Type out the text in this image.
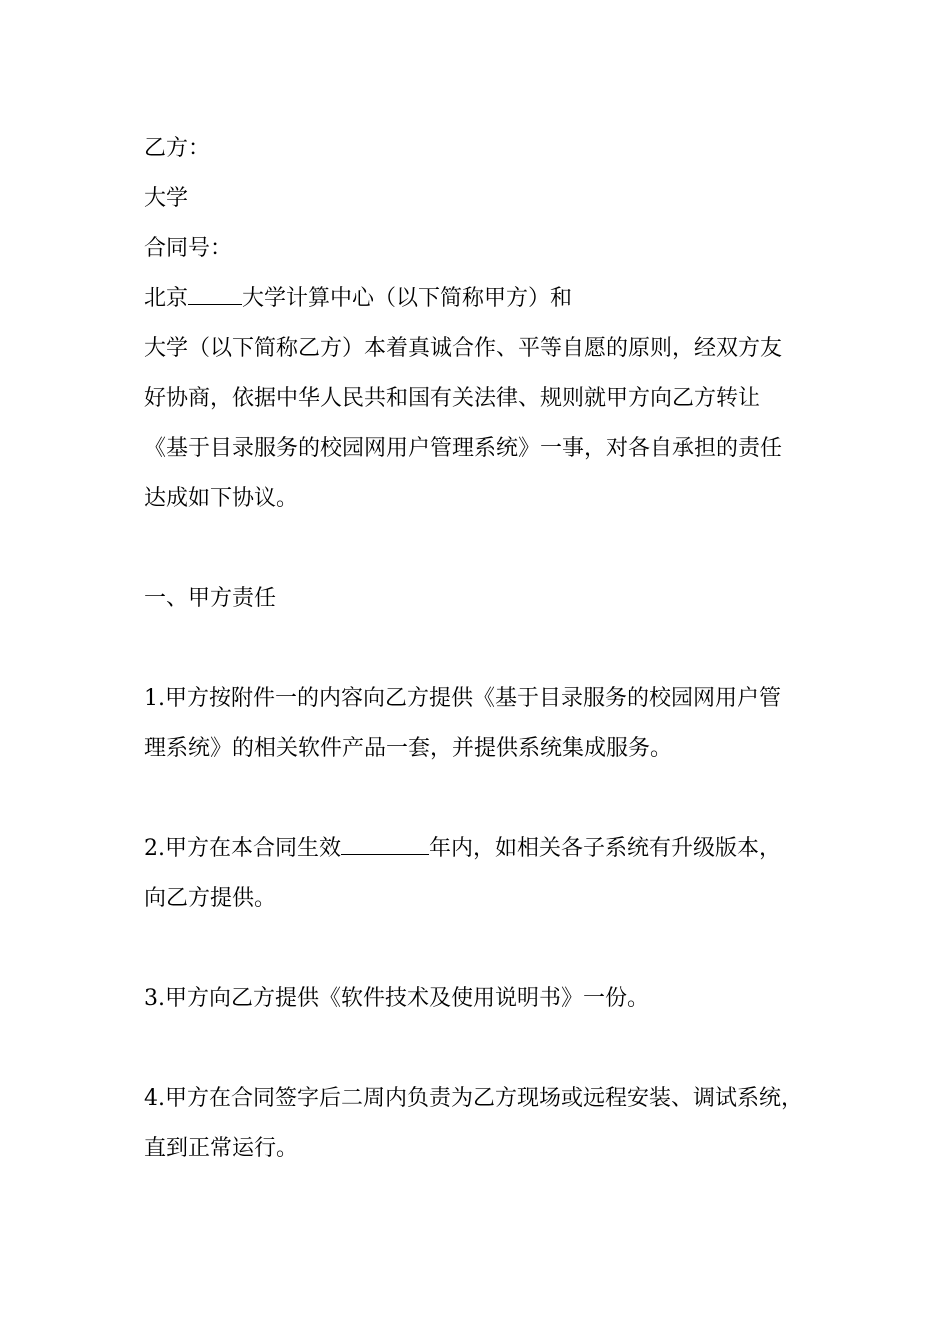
乙方：
大学
合同号：
北京 大学计算中心（以下简称甲方）和
大学（以下简称乙方）本着真诚合作、平等自愿的原则，经双方友
好协商，依据中华人民共和国有关法律、规则就甲方向乙方转让
《基于目录服务的校园网用户管理系统》一事，对各自承担的责任
达成如下协议。
一、甲方责任
1.甲方按附件一的内容向乙方提供《基于目录服务的校园网用户管
理系统》的相关软件产品一套，并提供系统集成服务。
2.甲方在本合同生效	年内，如相关各子系统有升级版本，
向乙方提供。
3.甲方向乙方提供《软件技术及使用说明书》一份。
4.甲方在合同签字后二周内负责为乙方现场或远程安装、调试系统，
直到正常运行。
